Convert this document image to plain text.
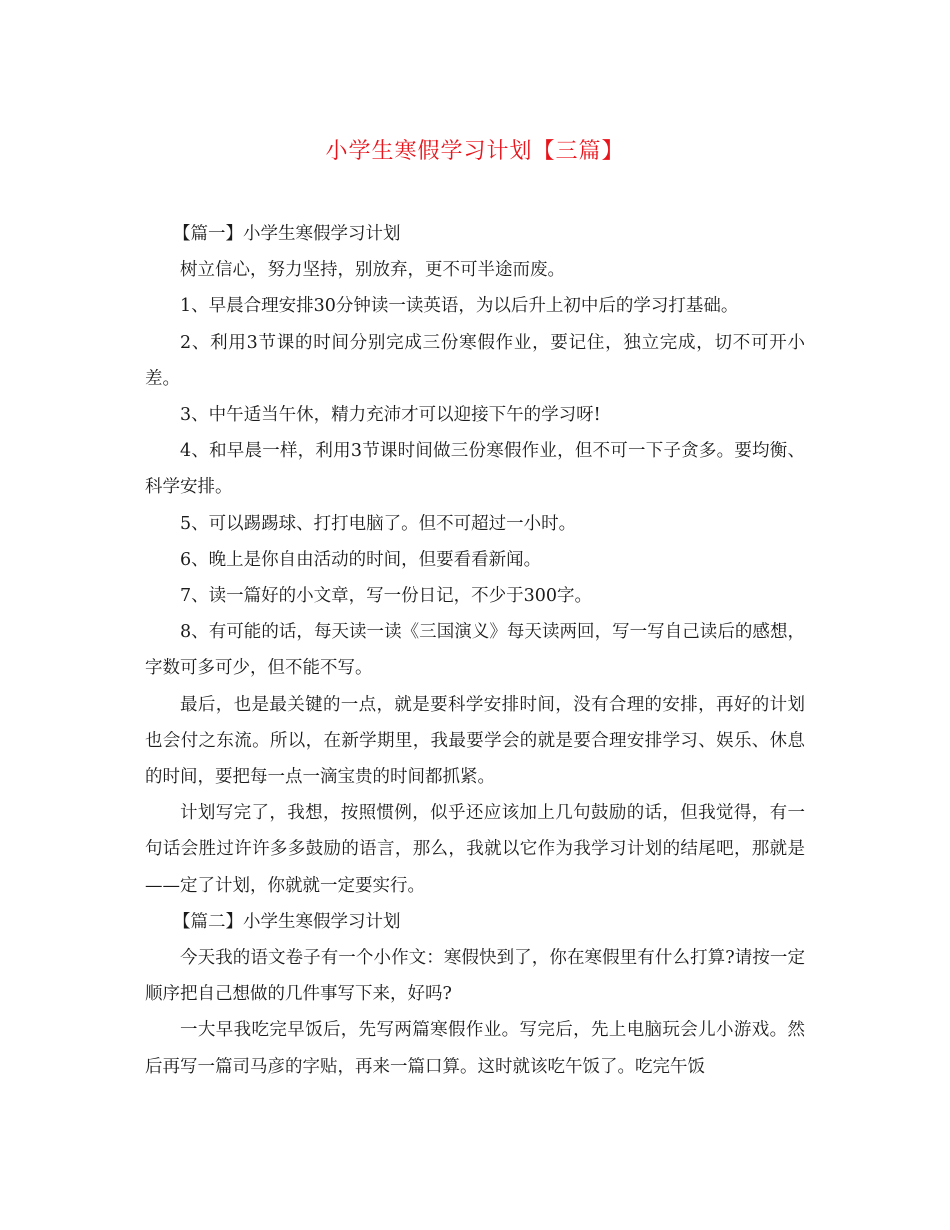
小学生寒假学习计划【三篇】

【篇一】小学生寒假学习计划

树立信心，努力坚持，别放弃，更不可半途而废。

1、早晨合理安排30分钟读一读英语，为以后升上初中后的学习打基础。

2、利用3节课的时间分别完成三份寒假作业，要记住，独立完成，切不可开小差。

3、中午适当午休，精力充沛才可以迎接下午的学习呀!

4、和早晨一样，利用3节课时间做三份寒假作业，但不可一下子贪多。要均衡、科学安排。

5、可以踢踢球、打打电脑了。但不可超过一小时。

6、晚上是你自由活动的时间，但要看看新闻。

7、读一篇好的小文章，写一份日记，不少于300字。

8、有可能的话，每天读一读《三国演义》每天读两回，写一写自己读后的感想，字数可多可少，但不能不写。

最后，也是最关键的一点，就是要科学安排时间，没有合理的安排，再好的计划也会付之东流。所以，在新学期里，我最要学会的就是要合理安排学习、娱乐、休息的时间，要把每一点一滴宝贵的时间都抓紧。

计划写完了，我想，按照惯例，似乎还应该加上几句鼓励的话，但我觉得，有一句话会胜过许许多多鼓励的语言，那么，我就以它作为我学习计划的结尾吧，那就是——定了计划，你就就一定要实行。

【篇二】小学生寒假学习计划

今天我的语文卷子有一个小作文：寒假快到了，你在寒假里有什么打算?请按一定顺序把自己想做的几件事写下来，好吗?

一大早我吃完早饭后，先写两篇寒假作业。写完后，先上电脑玩会儿小游戏。然后再写一篇司马彦的字贴，再来一篇口算。这时就该吃午饭了。吃完午饭
